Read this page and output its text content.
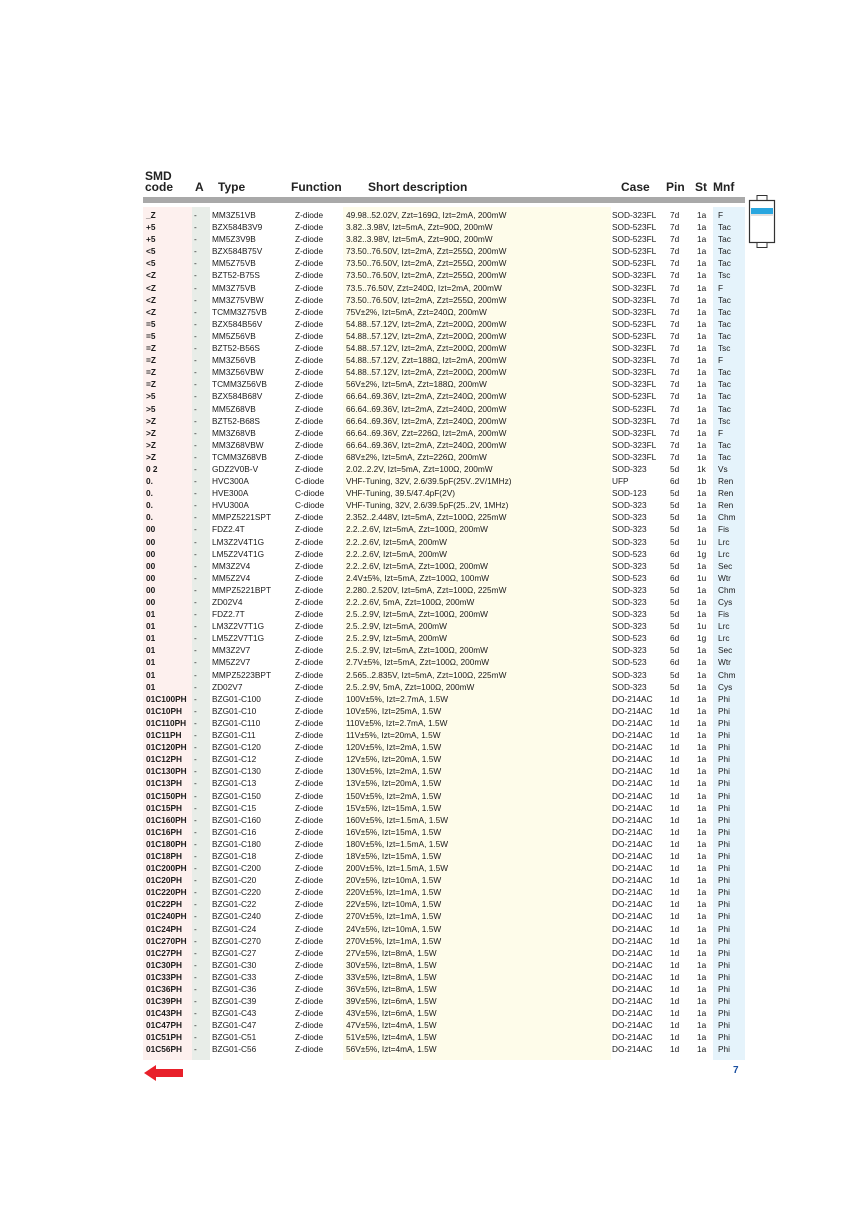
SMD
code A Type	Function Short description	Case Pin St Mnf
_Z	- MM3Z51VB	Z-diode	49.98..52.02V, Zzt=169Ω, Izt=2mA, 200mW	SOD-323FL 7d 1a F
+5	- BZX584B3V9	Z-diode	3.82..3.98V, Izt=5mA, Zzt=90Ω, 200mW	SOD-523FL 7d 1a Tac
+5	- MM5Z3V9B	Z-diode	3.82..3.98V, Izt=5mA, Zzt=90Ω, 200mW	SOD-523FL 7d 1a Tac
<5	- BZX584B75V	Z-diode	73.50..76.50V, Izt=2mA, Zzt=255Ω, 200mW	SOD-523FL 7d 1a Tac
<5	- MM5Z75VB	Z-diode	73.50..76.50V, Izt=2mA, Zzt=255Ω, 200mW	SOD-523FL 7d 1a Tac
<Z	- BZT52-B75S	Z-diode	73.50..76.50V, Izt=2mA, Zzt=255Ω, 200mW	SOD-323FL 7d 1a Tsc
<Z	- MM3Z75VB	Z-diode	73.5..76.50V, Zzt=240Ω, Izt=2mA, 200mW	SOD-323FL 7d 1a F
<Z	- MM3Z75VBW	Z-diode	73.50..76.50V, Izt=2mA, Zzt=255Ω, 200mW	SOD-323FL 7d 1a Tac
<Z	- TCMM3Z75VB	Z-diode	75V±2%, Izt=5mA, Zzt=240Ω, 200mW	SOD-323FL 7d 1a Tac
=5	- BZX584B56V	Z-diode	54.88..57.12V, Izt=2mA, Zzt=200Ω, 200mW	SOD-523FL 7d 1a Tac
=5	- MM5Z56VB	Z-diode	54.88..57.12V, Izt=2mA, Zzt=200Ω, 200mW	SOD-523FL 7d 1a Tac
=Z	- BZT52-B56S	Z-diode	54.88..57.12V, Izt=2mA, Zzt=200Ω, 200mW	SOD-323FL 7d 1a Tsc
=Z	- MM3Z56VB	Z-diode	54.88..57.12V, Zzt=188Ω, Izt=2mA, 200mW	SOD-323FL 7d 1a F
=Z	- MM3Z56VBW	Z-diode	54.88..57.12V, Izt=2mA, Zzt=200Ω, 200mW	SOD-323FL 7d 1a Tac
=Z	- TCMM3Z56VB	Z-diode	56V±2%, Izt=5mA, Zzt=188Ω, 200mW	SOD-323FL 7d 1a Tac
>5	- BZX584B68V	Z-diode	66.64..69.36V, Izt=2mA, Zzt=240Ω, 200mW	SOD-523FL 7d 1a Tac
>5	- MM5Z68VB	Z-diode	66.64..69.36V, Izt=2mA, Zzt=240Ω, 200mW	SOD-523FL 7d 1a Tac
>Z	- BZT52-B68S	Z-diode	66.64..69.36V, Izt=2mA, Zzt=240Ω, 200mW	SOD-323FL 7d 1a Tsc
>Z	- MM3Z68VB	Z-diode	66.64..69.36V, Zzt=226Ω, Izt=2mA, 200mW	SOD-323FL 7d 1a F
>Z	- MM3Z68VBW	Z-diode	66.64..69.36V, Izt=2mA, Zzt=240Ω, 200mW	SOD-323FL 7d 1a Tac
>Z	- TCMM3Z68VB	Z-diode	68V±2%, Izt=5mA, Zzt=226Ω, 200mW	SOD-323FL 7d 1a Tac
0 2	- GDZ2V0B-V	Z-diode	2.02..2.2V, Izt=5mA, Zzt=100Ω, 200mW	SOD-323	5d 1k Vs
0.	- HVC300A	C-diode	VHF-Tuning, 32V, 2.6/39.5pF(25V..2V/1MHz)	UFP	6d 1b Ren
0.	- HVE300A	C-diode	VHF-Tuning, 39.5/47.4pF(2V)	SOD-123	5d 1a Ren
0.	- HVU300A	C-diode	VHF-Tuning, 32V, 2.6/39.5pF(25..2V, 1MHz)	SOD-323	5d 1a Ren
0.	- MMPZ5221SPT	Z-diode	2.352..2.448V, Izt=5mA, Zzt=100Ω, 225mW	SOD-323	5d 1a Chm
00	- FDZ2.4T	Z-diode	2.2..2.6V, Izt=5mA, Zzt=100Ω, 200mW	SOD-323	5d 1a Fis
00	- LM3Z2V4T1G	Z-diode	2.2..2.6V, Izt=5mA, 200mW	SOD-323	5d 1u Lrc
00	- LM5Z2V4T1G	Z-diode	2.2..2.6V, Izt=5mA, 200mW	SOD-523	6d 1g Lrc
00	- MM3Z2V4	Z-diode	2.2..2.6V, Izt=5mA, Zzt=100Ω, 200mW	SOD-323	5d 1a Sec
00	- MM5Z2V4	Z-diode	2.4V±5%, Izt=5mA, Zzt=100Ω, 100mW	SOD-523	6d 1u Wtr
00	- MMPZ5221BPT	Z-diode	2.280..2.520V, Izt=5mA, Zzt=100Ω, 225mW	SOD-323	5d 1a Chm
00	- ZD02V4	Z-diode	2.2..2.6V, 5mA, Zzt=100Ω, 200mW	SOD-323	5d 1a Cys
01	- FDZ2.7T	Z-diode	2.5..2.9V, Izt=5mA, Zzt=100Ω, 200mW	SOD-323	5d 1a Fis
01	- LM3Z2V7T1G	Z-diode	2.5..2.9V, Izt=5mA, 200mW	SOD-323	5d 1u Lrc
01	- LM5Z2V7T1G	Z-diode	2.5..2.9V, Izt=5mA, 200mW	SOD-523	6d 1g Lrc
01	- MM3Z2V7	Z-diode	2.5..2.9V, Izt=5mA, Zzt=100Ω, 200mW	SOD-323	5d 1a Sec
01	- MM5Z2V7	Z-diode	2.7V±5%, Izt=5mA, Zzt=100Ω, 200mW	SOD-523	6d 1a Wtr
01	- MMPZ5223BPT	Z-diode	2.565..2.835V, Izt=5mA, Zzt=100Ω, 225mW	SOD-323	5d 1a Chm
01	- ZD02V7	Z-diode	2.5..2.9V, 5mA, Zzt=100Ω, 200mW	SOD-323	5d 1a Cys
01C100PH - BZG01-C100	Z-diode	100V±5%, Izt=2.7mA, 1.5W	DO-214AC 1d 1a Phi
01C10PH - BZG01-C10	Z-diode	10V±5%, Izt=25mA, 1.5W	DO-214AC 1d 1a Phi
01C110PH - BZG01-C110	Z-diode	110V±5%, Izt=2.7mA, 1.5W	DO-214AC 1d 1a Phi
01C11PH - BZG01-C11	Z-diode	11V±5%, Izt=20mA, 1.5W	DO-214AC 1d 1a Phi
01C120PH - BZG01-C120	Z-diode	120V±5%, Izt=2mA, 1.5W	DO-214AC 1d 1a Phi
01C12PH - BZG01-C12	Z-diode	12V±5%, Izt=20mA, 1.5W	DO-214AC 1d 1a Phi
01C130PH - BZG01-C130	Z-diode	130V±5%, Izt=2mA, 1.5W	DO-214AC 1d 1a Phi
01C13PH - BZG01-C13	Z-diode	13V±5%, Izt=20mA, 1.5W	DO-214AC 1d 1a Phi
01C150PH - BZG01-C150	Z-diode	150V±5%, Izt=2mA, 1.5W	DO-214AC 1d 1a Phi
01C15PH - BZG01-C15	Z-diode	15V±5%, Izt=15mA, 1.5W	DO-214AC 1d 1a Phi
01C160PH - BZG01-C160	Z-diode	160V±5%, Izt=1.5mA, 1.5W	DO-214AC 1d 1a Phi
01C16PH - BZG01-C16	Z-diode	16V±5%, Izt=15mA, 1.5W	DO-214AC 1d 1a Phi
01C180PH - BZG01-C180	Z-diode	180V±5%, Izt=1.5mA, 1.5W	DO-214AC 1d 1a Phi
01C18PH - BZG01-C18	Z-diode	18V±5%, Izt=15mA, 1.5W	DO-214AC 1d 1a Phi
01C200PH - BZG01-C200	Z-diode	200V±5%, Izt=1.5mA, 1.5W	DO-214AC 1d 1a Phi
01C20PH - BZG01-C20	Z-diode	20V±5%, Izt=10mA, 1.5W	DO-214AC 1d 1a Phi
01C220PH - BZG01-C220	Z-diode	220V±5%, Izt=1mA, 1.5W	DO-214AC 1d 1a Phi
01C22PH - BZG01-C22	Z-diode	22V±5%, Izt=10mA, 1.5W	DO-214AC 1d 1a Phi
01C240PH - BZG01-C240	Z-diode	270V±5%, Izt=1mA, 1.5W	DO-214AC 1d 1a Phi
01C24PH - BZG01-C24	Z-diode	24V±5%, Izt=10mA, 1.5W	DO-214AC 1d 1a Phi
01C270PH - BZG01-C270	Z-diode	270V±5%, Izt=1mA, 1.5W	DO-214AC 1d 1a Phi
01C27PH - BZG01-C27	Z-diode	27V±5%, Izt=8mA, 1.5W	DO-214AC 1d 1a Phi
01C30PH - BZG01-C30	Z-diode	30V±5%, Izt=8mA, 1.5W	DO-214AC 1d 1a Phi
01C33PH - BZG01-C33	Z-diode	33V±5%, Izt=8mA, 1.5W	DO-214AC 1d 1a Phi
01C36PH - BZG01-C36	Z-diode	36V±5%, Izt=8mA, 1.5W	DO-214AC 1d 1a Phi
01C39PH - BZG01-C39	Z-diode	39V±5%, Izt=6mA, 1.5W	DO-214AC 1d 1a Phi
01C43PH - BZG01-C43	Z-diode	43V±5%, Izt=6mA, 1.5W	DO-214AC 1d 1a Phi
01C47PH - BZG01-C47	Z-diode	47V±5%, Izt=4mA, 1.5W	DO-214AC 1d 1a Phi
01C51PH - BZG01-C51	Z-diode	51V±5%, Izt=4mA, 1.5W	DO-214AC 1d 1a Phi
01C56PH - BZG01-C56	Z-diode	56V±5%, Izt=4mA, 1.5W	DO-214AC 1d 1a Phi
7
